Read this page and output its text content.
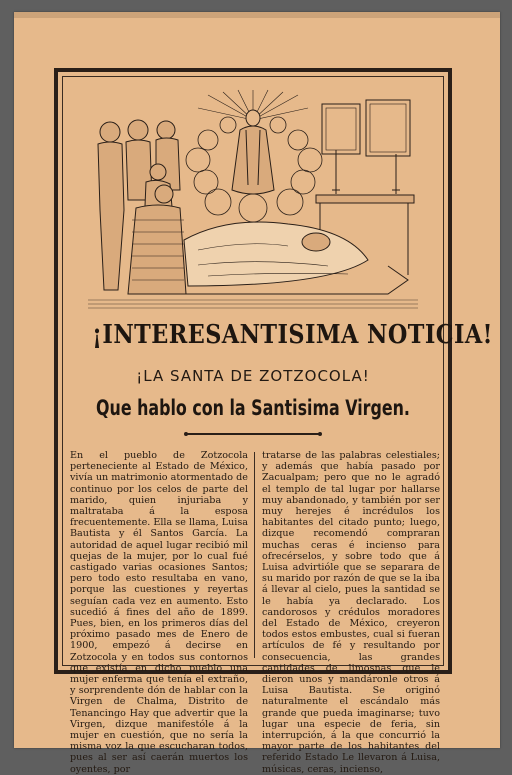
¡INTERESANTISIMA NOTICIA!
¡LA SANTA DE ZOTZOCOLA!
Que hablo con la Santisima Virgen.
En el pueblo de Zotzocola perteneciente al Estado de México, vivía un matrimonio atormentado de continuo por los celos de parte del marido, quien injuriaba y maltrataba á la esposa frecuentemente. Ella se llama, Luisa Bautista y él Santos García. La autoridad de aquel lugar recibió mil quejas de la mujer, por lo cual fué castigado varias ocasiones Santos; pero todo esto resultaba en vano, porque las cuestiones y reyertas seguían cada vez en aumento. Esto sucedió á fines del año de 1899. Pues, bien, en los primeros días del próximo pasado mes de Enero de 1900, empezó á decirse en Zotzocola y en todos sus contornos que existía en dicho pueblo una mujer enferma que tenía el extraño, y sorprendente dón de hablar con la Virgen de Chalma, Distrito de Tenancingo Hay que advertir que la Virgen, dizque manifestóle á la mujer en cuestión, que no sería la misma voz la que escucharan todos, pues al ser así caerán muertos los oyentes, por
tratarse de las palabras celestiales; y además que había pasado por Zacualpam; pero que no le agradó el templo de tal lugar por hallarse muy abandonado, y también por ser muy herejes é incrédulos los habitantes del citado punto; luego, dizque recomendó compraran muchas ceras é incienso para ofrecérselos, y sobre todo que á Luisa advirtióle que se separara de su marido por razón de que se la iba á llevar al cielo, pues la santidad se le había ya declarado. Los candorosos y crédulos moradores del Estado de México, creyeron todos estos embustes, cual si fueran artículos de fé y resultando por consecuencia, las grandes cantidades de limosnas que le dieron unos y mandáronle otros á Luisa Bautista. Se originó naturalmente el escándalo más grande que pueda imaginarse; tuvo lugar una especie de feria, sin interrupción, á la que concurrió la mayor parte de los habitantes del referido Estado Le llevaron á Luisa, músicas, ceras, incienso,
